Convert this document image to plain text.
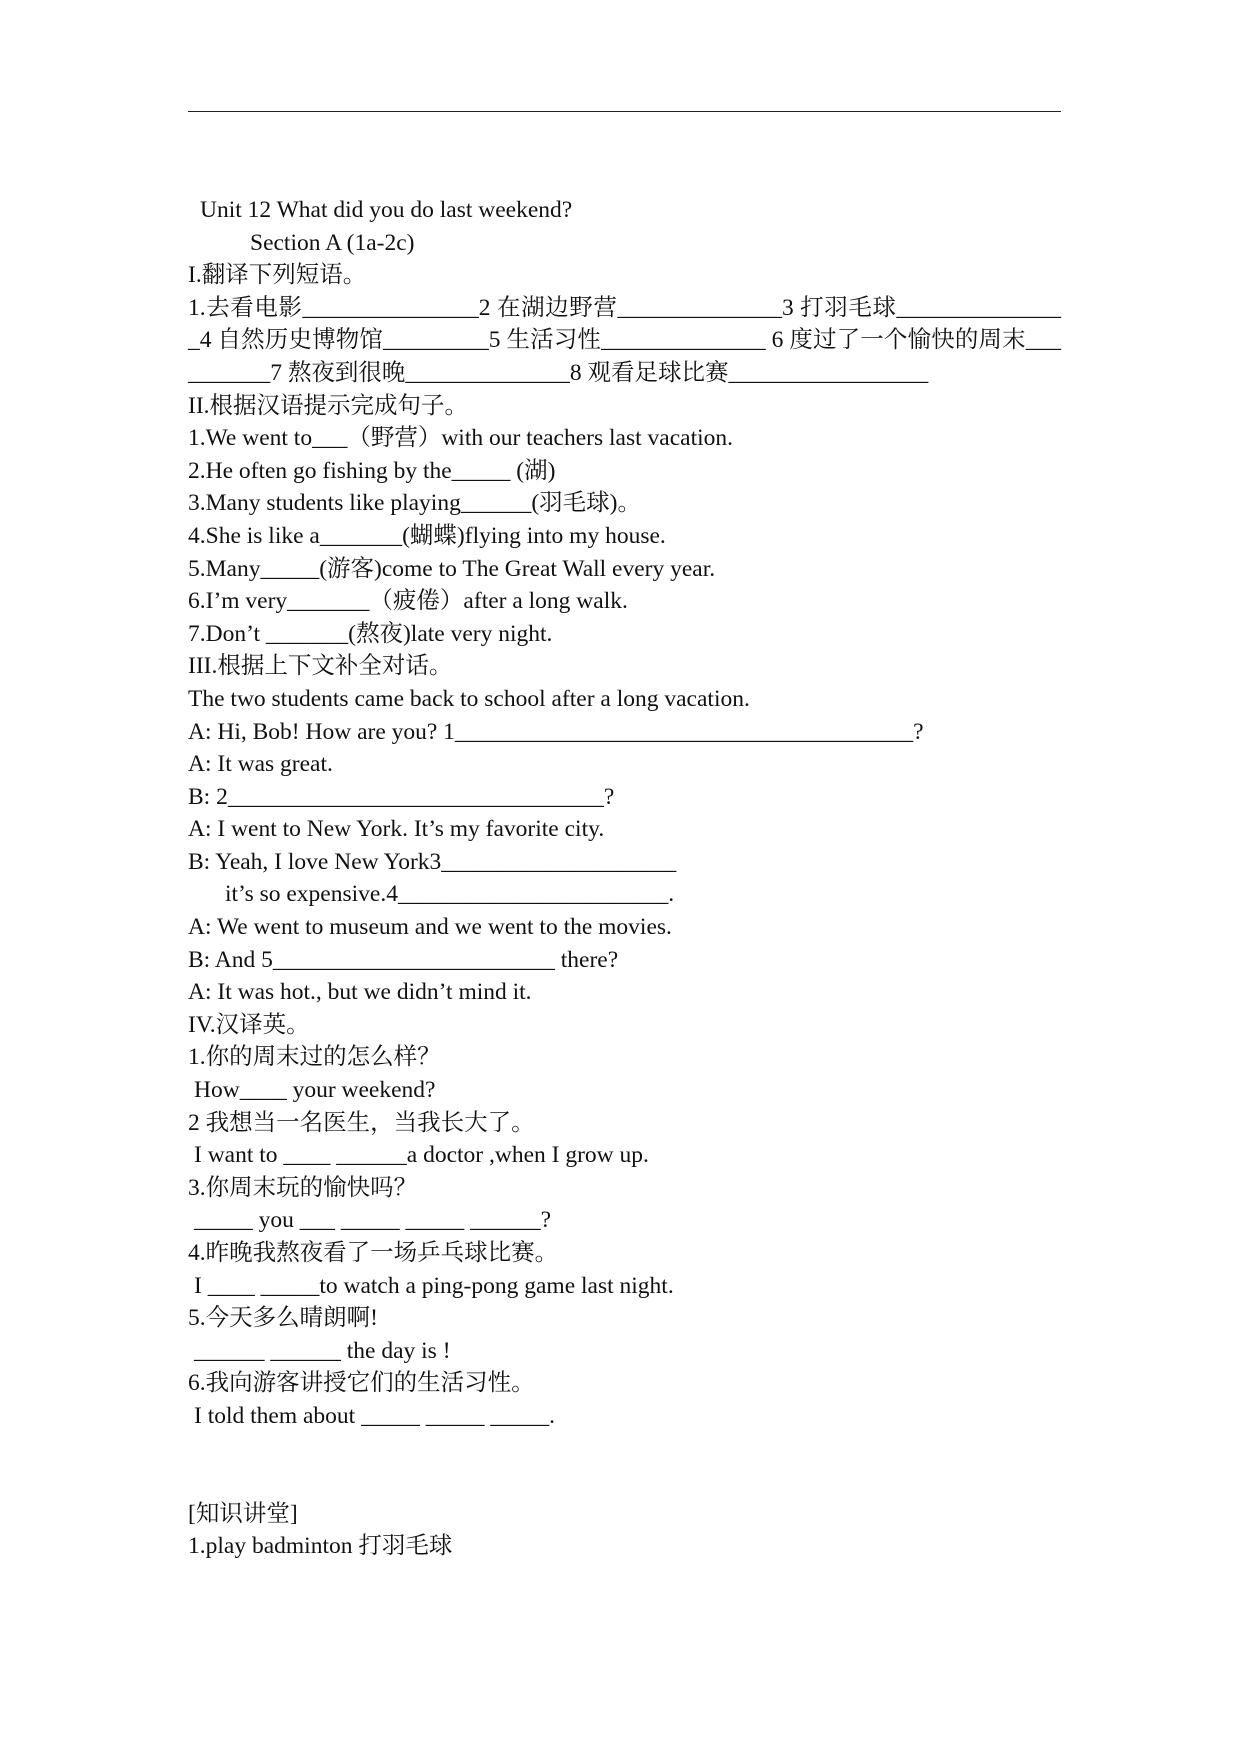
Unit 12 What did you do last weekend?
Section A (1a-2c)
I.翻译下列短语。
1.去看电影_______________2 在湖边野营______________3 打羽毛球_______________4 自然历史博物馆_________5 生活习性______________ 6 度过了一个愉快的周末__________7 熬夜到很晚______________8 观看足球比赛_________________
II.根据汉语提示完成句子。
1.We went to___（野营）with our teachers last vacation.
2.He often go fishing by the_____ (湖)
3.Many students like playing______(羽毛球)。
4.She is like a_______(蝴蝶)flying into my house.
5.Many_____(游客)come to The Great Wall every year.
6.I’m very_______（疲倦）after a long walk.
7.Don’t _______(熬夜)late very night.
III.根据上下文补全对话。
The two students came back to school after a long vacation.
A: Hi, Bob! How are you? 1_______________________________________?
A: It was great.
B: 2________________________________?
A: I went to New York. It’s my favorite city.
B: Yeah, I love New York3____________________
it’s so expensive.4_______________________.
A: We went to museum and we went to the movies.
B: And 5________________________ there?
A: It was hot., but we didn’t mind it.
IV.汉译英。
1.你的周末过的怎么样？
How____ your weekend?
2 我想当一名医生，当我长大了。
I want to ____ ______a doctor ,when I grow up.
3.你周末玩的愉快吗？
_____ you ___ _____ _____ ______?
4.昨晚我熬夜看了一场乒乓球比赛。
I ____ _____to watch a ping-pong game last night.
5.今天多么晴朗啊!
______ ______ the day is !
6.我向游客讲授它们的生活习性。
I told them about _____ _____ _____.
[知识讲堂]
1.play badminton 打羽毛球
